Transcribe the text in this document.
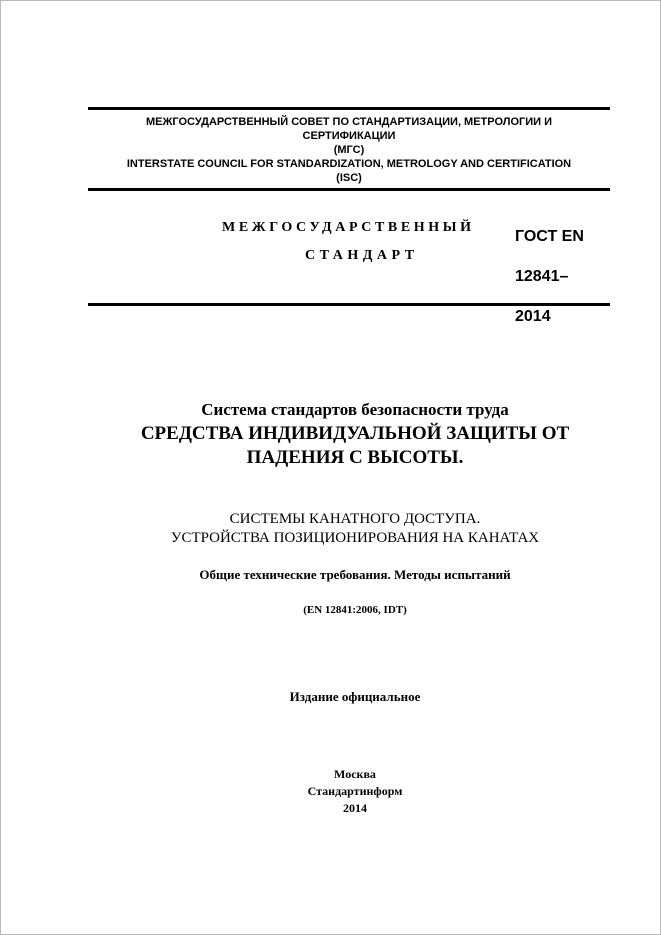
МЕЖГОСУДАРСТВЕННЫЙ СОВЕТ ПО СТАНДАРТИЗАЦИИ, МЕТРОЛОГИИ И
СЕРТИФИКАЦИИ
(МГС)
INTERSTATE COUNCIL FOR STANDARDIZATION, METROLOGY AND CERTIFICATION
(ISC)
МЕЖГОСУДАРСТВЕННЫЙ
СТАНДАРТ

ГОСТ EN

12841–

2014

Система стандартов безопасности труда
СРЕДСТВА ИНДИВИДУАЛЬНОЙ ЗАЩИТЫ ОТ
ПАДЕНИЯ С ВЫСОТЫ.
СИСТЕМЫ КАНАТНОГО ДОСТУПА.
УСТРОЙСТВА ПОЗИЦИОНИРОВАНИЯ НА КАНАТАХ
Общие технические требования. Методы испытаний
(EN 12841:2006, IDT)
Издание официальное
Москва
Стандартинформ
2014
